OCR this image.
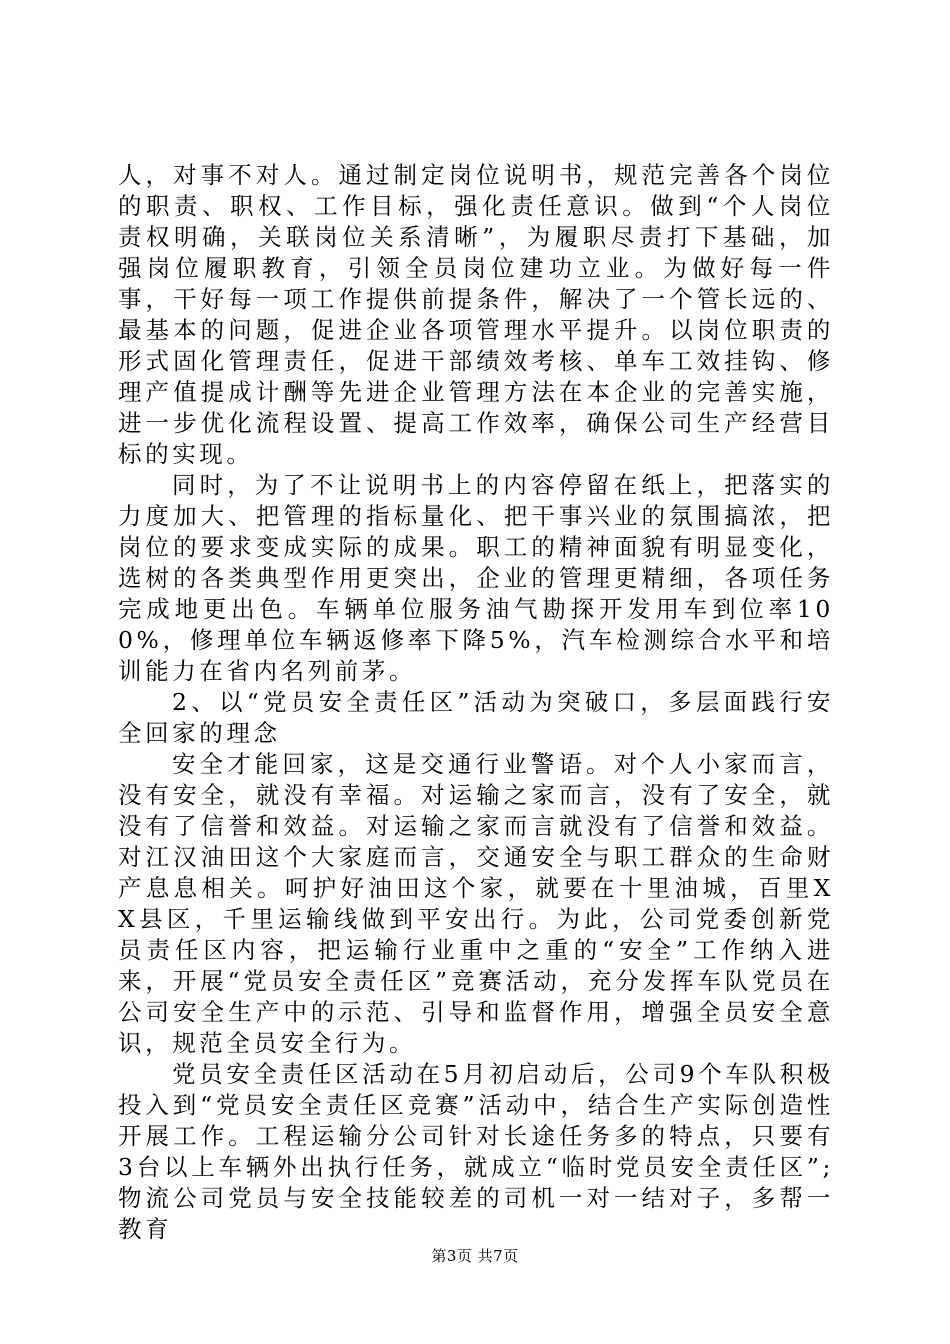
人，对事不对人。通过制定岗位说明书，规范完善各个岗位的职责、职权、工作目标，强化责任意识。做到“个人岗位责权明确，关联岗位关系清晰”，为履职尽责打下基础，加强岗位履职教育，引领全员岗位建功立业。为做好每一件事，干好每一项工作提供前提条件，解决了一个管长远的、最基本的问题，促进企业各项管理水平提升。以岗位职责的形式固化管理责任，促进干部绩效考核、单车工效挂钩、修理产值提成计酬等先进企业管理方法在本企业的完善实施，进一步优化流程设置、提高工作效率，确保公司生产经营目标的实现。

同时，为了不让说明书上的内容停留在纸上，把落实的力度加大、把管理的指标量化、把干事兴业的氛围搞浓，把岗位的要求变成实际的成果。职工的精神面貌有明显变化，选树的各类典型作用更突出，企业的管理更精细，各项任务完成地更出色。车辆单位服务油气勘探开发用车到位率100%，修理单位车辆返修率下降5%，汽车检测综合水平和培训能力在省内名列前茅。

2、以“党员安全责任区”活动为突破口，多层面践行安全回家的理念

安全才能回家，这是交通行业警语。对个人小家而言，没有安全，就没有幸福。对运输之家而言，没有了安全，就没有了信誉和效益。对运输之家而言就没有了信誉和效益。对江汉油田这个大家庭而言，交通安全与职工群众的生命财产息息相关。呵护好油田这个家，就要在十里油城，百里XX县区，千里运输线做到平安出行。为此，公司党委创新党员责任区内容，把运输行业重中之重的“安全”工作纳入进来，开展“党员安全责任区”竞赛活动，充分发挥车队党员在公司安全生产中的示范、引导和监督作用，增强全员安全意识，规范全员安全行为。

党员安全责任区活动在5月初启动后，公司9个车队积极投入到“党员安全责任区竞赛”活动中，结合生产实际创造性开展工作。工程运输分公司针对长途任务多的特点，只要有3台以上车辆外出执行任务，就成立“临时党员安全责任区”;物流公司党员与安全技能较差的司机一对一结对子，多帮一教育

第3页 共7页
